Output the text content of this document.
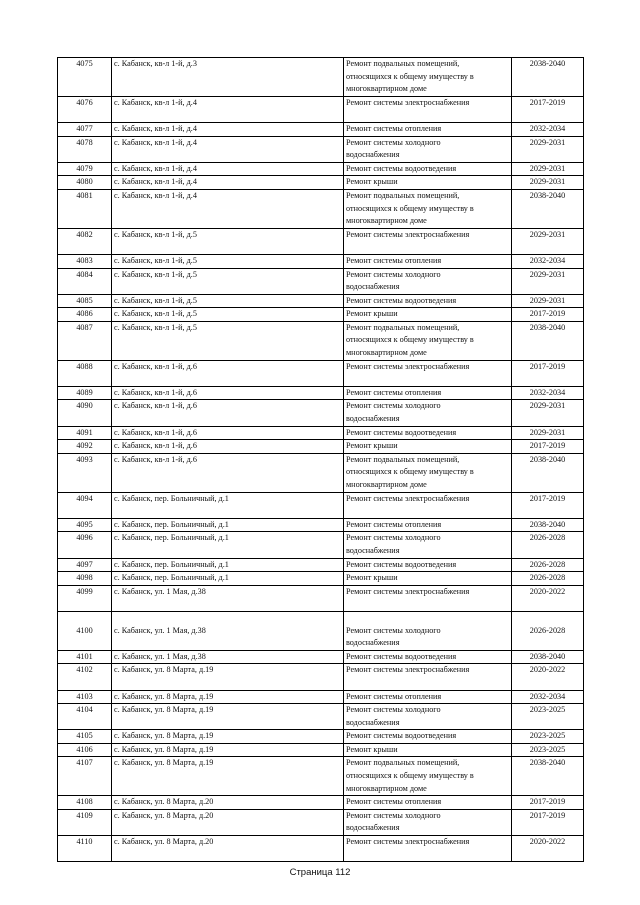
4075	с. Кабанск, кв-л 1-й, д.3	Ремонт подвальных помещений,
относящихся к общему имуществу в
многоквартирном доме	2038-2040
4076	с. Кабанск, кв-л 1-й, д.4	Ремонт системы электроснабжения	2017-2019
4077	с. Кабанск, кв-л 1-й, д.4	Ремонт системы отопления	2032-2034
4078	с. Кабанск, кв-л 1-й, д.4	Ремонт системы холодного
водоснабжения	2029-2031
4079	с. Кабанск, кв-л 1-й, д.4	Ремонт системы водоотведения	2029-2031
4080	с. Кабанск, кв-л 1-й, д.4	Ремонт крыши	2029-2031
4081	с. Кабанск, кв-л 1-й, д.4	Ремонт подвальных помещений,
относящихся к общему имуществу в
многоквартирном доме	2038-2040
4082	с. Кабанск, кв-л 1-й, д.5	Ремонт системы электроснабжения	2029-2031
4083	с. Кабанск, кв-л 1-й, д.5	Ремонт системы отопления	2032-2034
4084	с. Кабанск, кв-л 1-й, д.5	Ремонт системы холодного
водоснабжения	2029-2031
4085	с. Кабанск, кв-л 1-й, д.5	Ремонт системы водоотведения	2029-2031
4086	с. Кабанск, кв-л 1-й, д.5	Ремонт крыши	2017-2019
4087	с. Кабанск, кв-л 1-й, д.5	Ремонт подвальных помещений,
относящихся к общему имуществу в
многоквартирном доме	2038-2040
4088	с. Кабанск, кв-л 1-й, д.6	Ремонт системы электроснабжения	2017-2019
4089	с. Кабанск, кв-л 1-й, д.6	Ремонт системы отопления	2032-2034
4090	с. Кабанск, кв-л 1-й, д.6	Ремонт системы холодного
водоснабжения	2029-2031
4091	с. Кабанск, кв-л 1-й, д.6	Ремонт системы водоотведения	2029-2031
4092	с. Кабанск, кв-л 1-й, д.6	Ремонт крыши	2017-2019
4093	с. Кабанск, кв-л 1-й, д.6	Ремонт подвальных помещений,
относящихся к общему имуществу в
многоквартирном доме	2038-2040
4094	с. Кабанск, пер. Больничный, д.1	Ремонт системы электроснабжения	2017-2019
4095	с. Кабанск, пер. Больничный, д.1	Ремонт системы отопления	2038-2040
4096	с. Кабанск, пер. Больничный, д.1	Ремонт системы холодного
водоснабжения	2026-2028
4097	с. Кабанск, пер. Больничный, д.1	Ремонт системы водоотведения	2026-2028
4098	с. Кабанск, пер. Больничный, д.1	Ремонт крыши	2026-2028
4099	с. Кабанск, ул. 1 Мая, д.38	Ремонт системы электроснабжения	2020-2022
4100	с. Кабанск, ул. 1 Мая, д.38	Ремонт системы холодного
водоснабжения	2026-2028
4101	с. Кабанск, ул. 1 Мая, д.38	Ремонт системы водоотведения	2038-2040
4102	с. Кабанск, ул. 8 Марта, д.19	Ремонт системы электроснабжения	2020-2022
4103	с. Кабанск, ул. 8 Марта, д.19	Ремонт системы отопления	2032-2034
4104	с. Кабанск, ул. 8 Марта, д.19	Ремонт системы холодного
водоснабжения	2023-2025
4105	с. Кабанск, ул. 8 Марта, д.19	Ремонт системы водоотведения	2023-2025
4106	с. Кабанск, ул. 8 Марта, д.19	Ремонт крыши	2023-2025
4107	с. Кабанск, ул. 8 Марта, д.19	Ремонт подвальных помещений,
относящихся к общему имуществу в
многоквартирном доме	2038-2040
4108	с. Кабанск, ул. 8 Марта, д.20	Ремонт системы отопления	2017-2019
4109	с. Кабанск, ул. 8 Марта, д.20	Ремонт системы холодного
водоснабжения	2017-2019
4110	с. Кабанск, ул. 8 Марта, д.20	Ремонт системы электроснабжения	2020-2022
Страница 112
